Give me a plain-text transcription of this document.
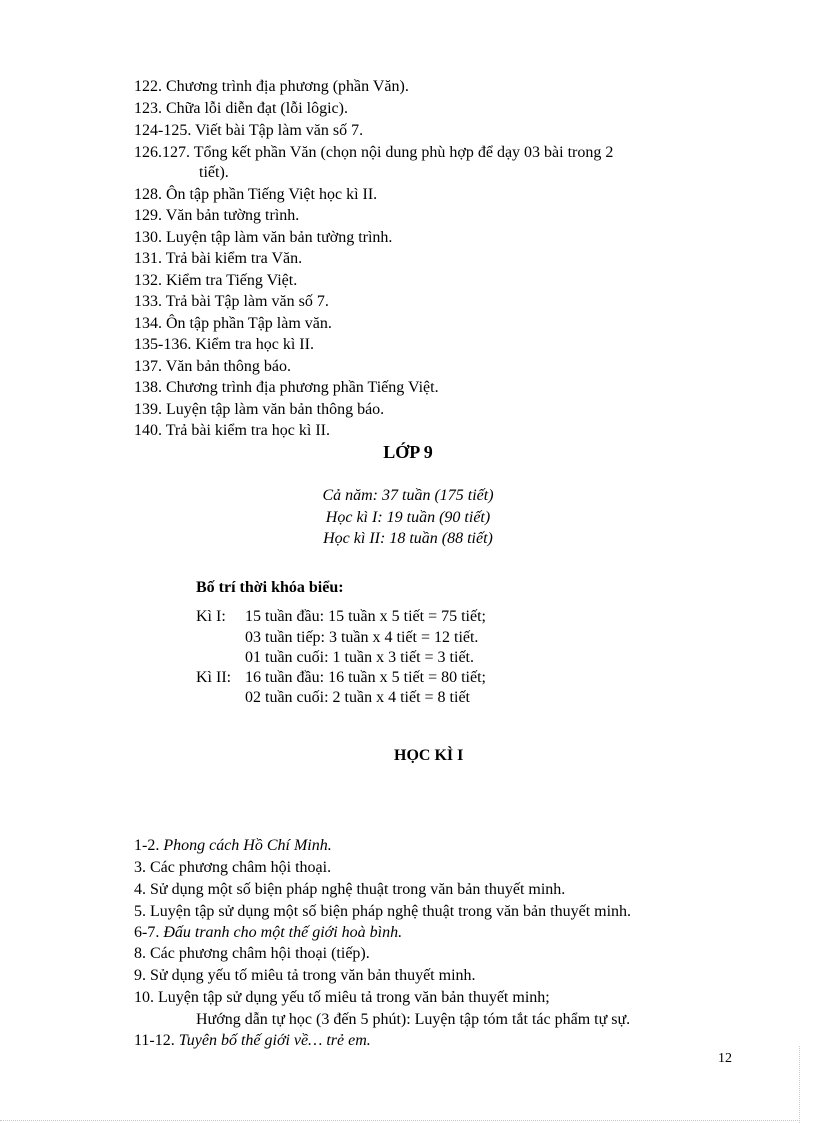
122. Chương trình địa phương (phần Văn).
123. Chữa lỗi diễn đạt (lỗi lôgic).
124-125. Viết bài Tập làm văn số 7.
126.127. Tổng kết phần Văn (chọn nội dung phù hợp để dạy 03 bài trong 2
tiết).
128. Ôn tập phần Tiếng Việt học kì II.
129. Văn bản tường trình.
130. Luyện tập làm văn bản tường trình.
131. Trả bài kiểm tra Văn.
132. Kiểm tra Tiếng Việt.
133. Trả bài Tập làm văn số 7.
134. Ôn tập phần Tập làm văn.
135-136. Kiểm tra học kì II.
137. Văn bản thông báo.
138. Chương trình địa phương phần Tiếng Việt.
139. Luyện tập làm văn bản thông báo.
140. Trả bài kiểm tra học kì II.
LỚP 9
Cả năm: 37 tuần (175 tiết)
Học kì I: 19 tuần (90 tiết)
Học kì II: 18 tuần (88 tiết)
Bố trí thời khóa biểu:
Kì I: 15 tuần đầu: 15 tuần x 5 tiết = 75 tiết;
03 tuần tiếp: 3 tuần x 4 tiết = 12 tiết.
01 tuần cuối: 1 tuần x 3 tiết = 3 tiết.
Kì II: 16 tuần đầu: 16 tuần x 5 tiết = 80 tiết;
02 tuần cuối: 2 tuần x 4 tiết = 8 tiết
HỌC KÌ I
1-2. Phong cách Hồ Chí Minh.
3. Các phương châm hội thoại.
4. Sử dụng một số biện pháp nghệ thuật trong văn bản thuyết minh.
5. Luyện tập sử dụng một số biện pháp nghệ thuật trong văn bản thuyết minh.
6-7. Đấu tranh cho một thế giới hoà bình.
8. Các phương châm hội thoại (tiếp).
9. Sử dụng yếu tố miêu tả trong văn bản thuyết minh.
10. Luyện tập sử dụng yếu tố miêu tả trong văn bản thuyết minh;
Hướng dẫn tự học (3 đến 5 phút): Luyện tập tóm tắt tác phẩm tự sự.
11-12. Tuyên bố thế giới về… trẻ em.
12
